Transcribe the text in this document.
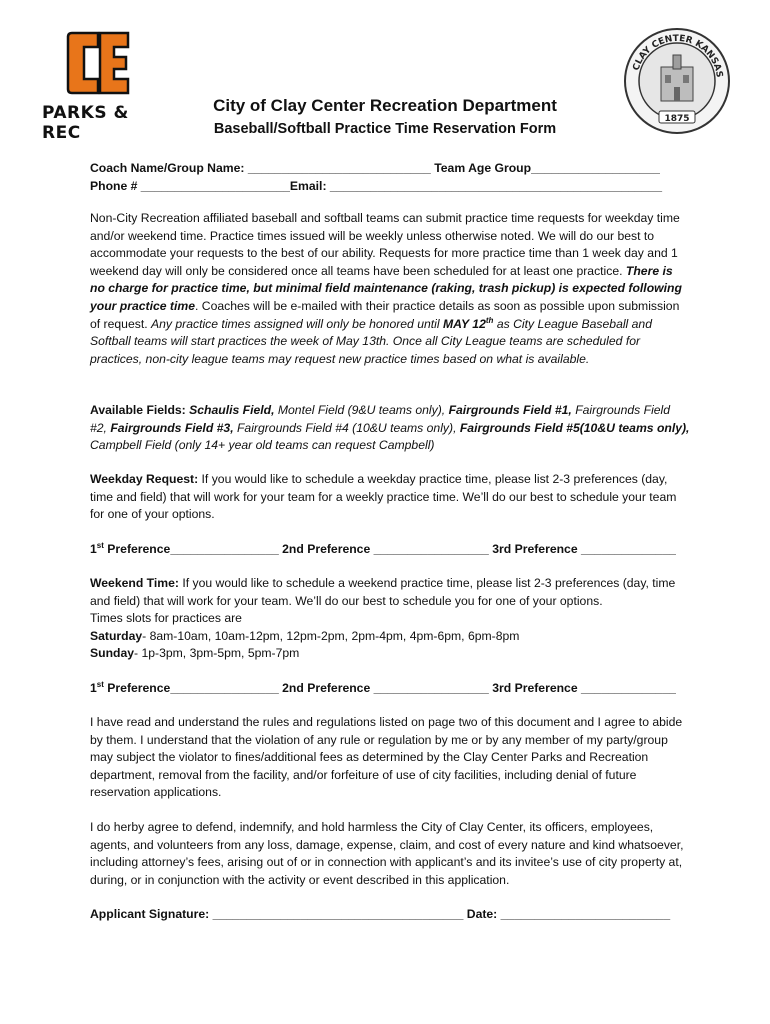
PARKS & REC
CLAY CENTER KANSAS
1875
City of Clay Center Recreation Department
Baseball/Softball Practice Time Reservation Form
Coach Name/Group Name: ___________________________ Team Age Group___________________
Phone # ______________________Email: _________________________________________________
Non-City Recreation affiliated baseball and softball teams can submit practice time requests for weekday time and/or weekend time. Practice times issued will be weekly unless otherwise noted. We will do our best to accommodate your requests to the best of our ability. Requests for more practice time than 1 week day and 1 weekend day will only be considered once all teams have been scheduled for at least one practice. There is no charge for practice time, but minimal field maintenance (raking, trash pickup) is expected following your practice time. Coaches will be e-mailed with their practice details as soon as possible upon submission of request. Any practice times assigned will only be honored until MAY 12th as City League Baseball and Softball teams will start practices the week of May 13th. Once all City League teams are scheduled for practices, non-city league teams may request new practice times based on what is available.
Available Fields: Schaulis Field, Montel Field (9&U teams only), Fairgrounds Field #1, Fairgrounds Field #2, Fairgrounds Field #3, Fairgrounds Field #4 (10&U teams only), Fairgrounds Field #5(10&U teams only), Campbell Field (only 14+ year old teams can request Campbell)
Weekday Request: If you would like to schedule a weekday practice time, please list 2-3 preferences (day, time and field) that will work for your team for a weekly practice time. We’ll do our best to schedule your team for one of your options.
1st Preference________________ 2nd Preference _________________ 3rd Preference ______________

Weekend Time: If you would like to schedule a weekend practice time, please list 2-3 preferences (day, time and field) that will work for your team. We’ll do our best to schedule you for one of your options.

Times slots for practices are

Saturday- 8am-10am, 10am-12pm, 12pm-2pm, 2pm-4pm, 4pm-6pm, 6pm-8pm

Sunday- 1p-3pm, 3pm-5pm, 5pm-7pm

1st Preference________________ 2nd Preference _________________ 3rd Preference ______________
I have read and understand the rules and regulations listed on page two of this document and I agree to abide by them. I understand that the violation of any rule or regulation by me or by any member of my party/group may subject the violator to fines/additional fees as determined by the Clay Center Parks and Recreation department, removal from the facility, and/or forfeiture of use of city facilities, including denial of future reservation applications.
I do herby agree to defend, indemnify, and hold harmless the City of Clay Center, its officers, employees, agents, and volunteers from any loss, damage, expense, claim, and cost of every nature and kind whatsoever, including attorney’s fees, arising out of or in connection with applicant’s and its invitee’s use of city property at, during, or in conjunction with the activity or event described in this application.
Applicant Signature: _____________________________________ Date: _________________________
